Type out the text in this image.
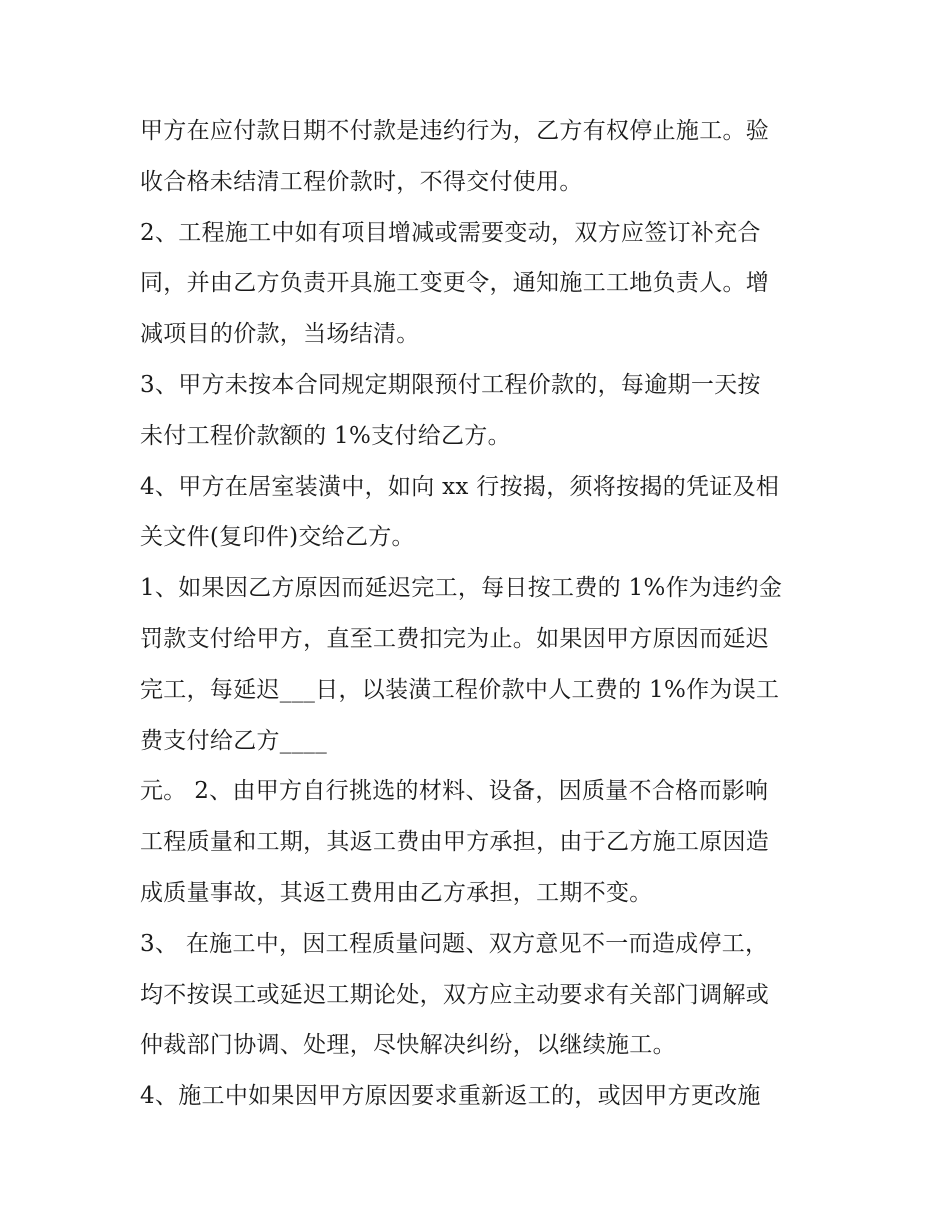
甲方在应付款日期不付款是违约行为，乙方有权停止施工。验
收合格未结清工程价款时，不得交付使用。
2、工程施工中如有项目增减或需要变动，双方应签订补充合
同，并由乙方负责开具施工变更令，通知施工工地负责人。增
减项目的价款，当场结清。
3、甲方未按本合同规定期限预付工程价款的，每逾期一天按
未付工程价款额的 1%支付给乙方。
4、甲方在居室装潢中，如向 xx 行按揭，须将按揭的凭证及相
关文件(复印件)交给乙方。
1、如果因乙方原因而延迟完工，每日按工费的 1%作为违约金
罚款支付给甲方，直至工费扣完为止。如果因甲方原因而延迟
完工，每延迟___日，以装潢工程价款中人工费的 1%作为误工
费支付给乙方____
元。 2、由甲方自行挑选的材料、设备，因质量不合格而影响
工程质量和工期，其返工费由甲方承担，由于乙方施工原因造
成质量事故，其返工费用由乙方承担，工期不变。
3、 在施工中，因工程质量问题、双方意见不一而造成停工，
均不按误工或延迟工期论处，双方应主动要求有关部门调解或
仲裁部门协调、处理，尽快解决纠纷，以继续施工。
4、施工中如果因甲方原因要求重新返工的，或因甲方更改施
